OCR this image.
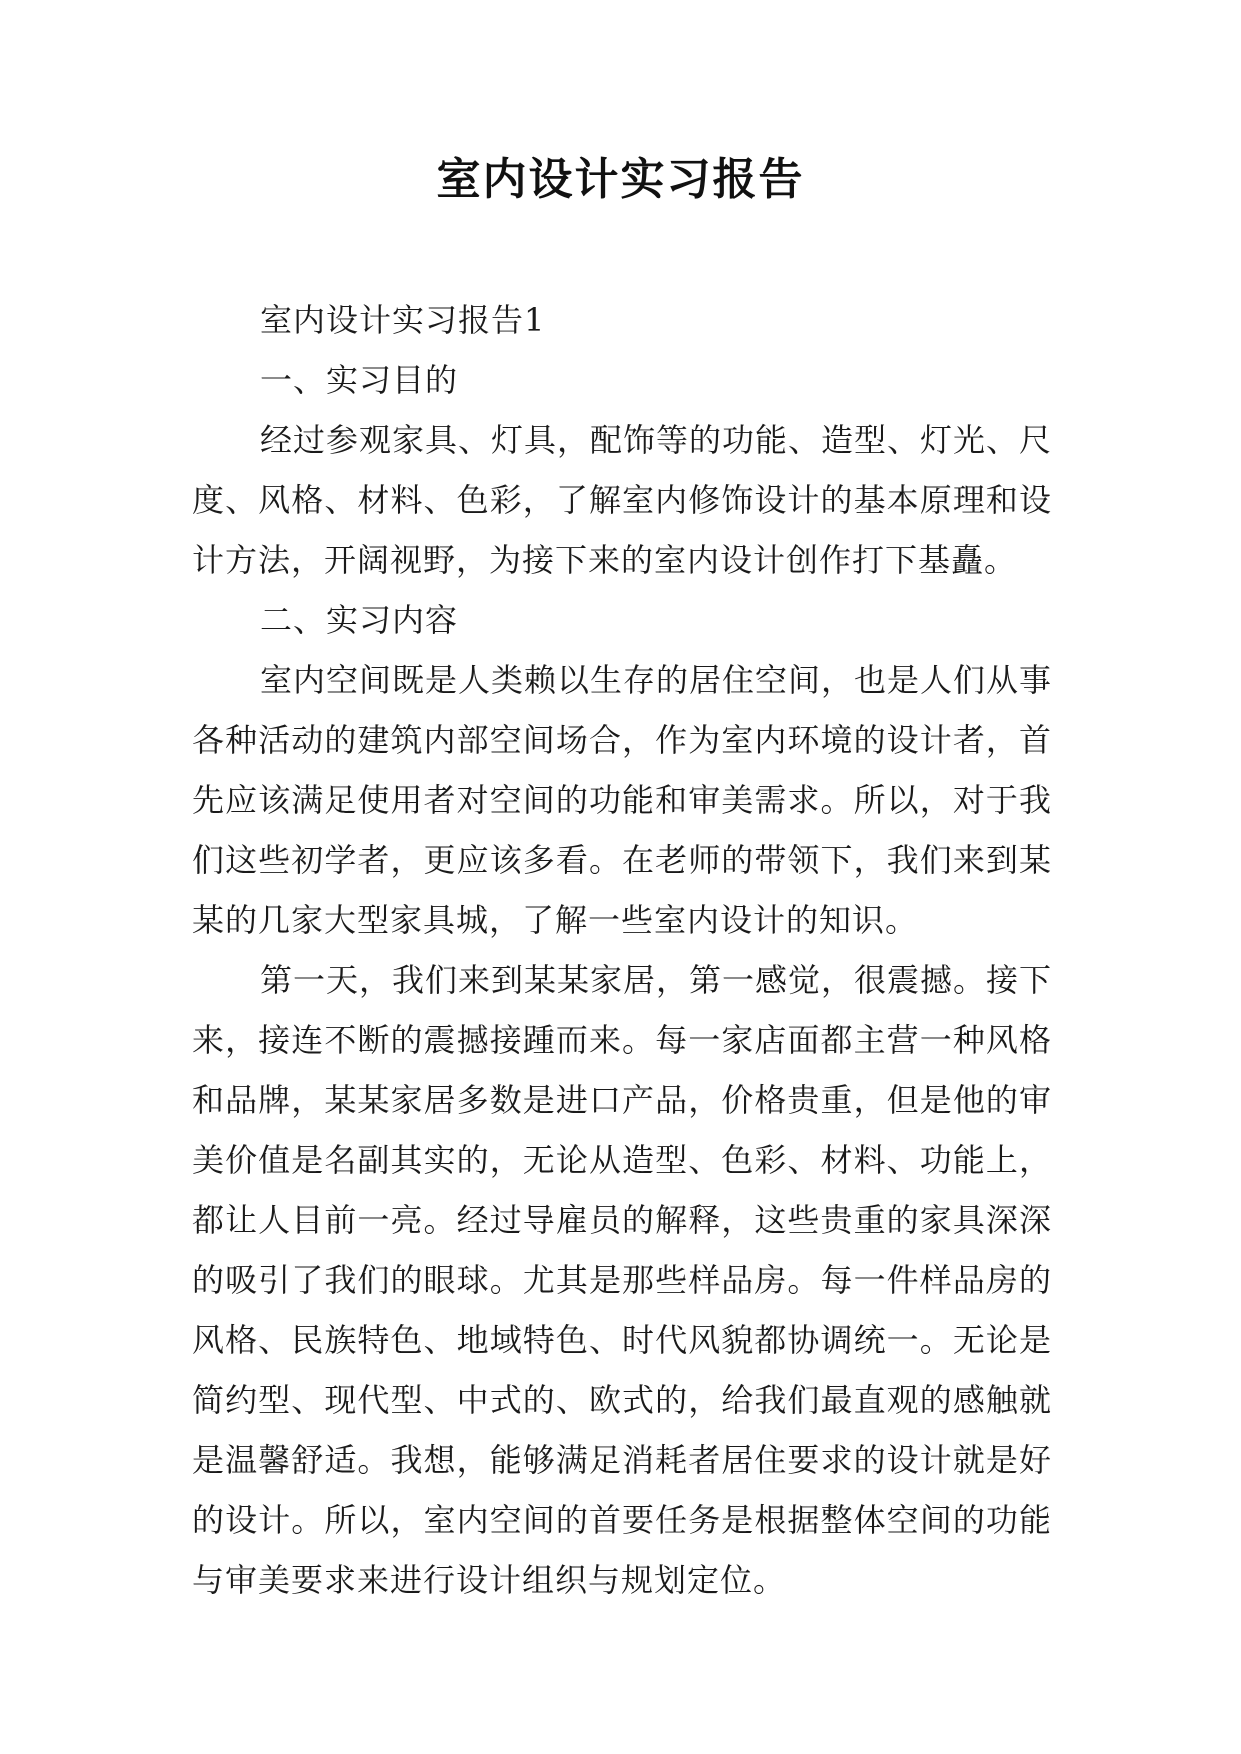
室内设计实习报告

室内设计实习报告1

一、实习目的

经过参观家具、灯具，配饰等的功能、造型、灯光、尺度、风格、材料、色彩，了解室内修饰设计的基本原理和设计方法，开阔视野，为接下来的室内设计创作打下基矗。

二、实习内容

室内空间既是人类赖以生存的居住空间，也是人们从事各种活动的建筑内部空间场合，作为室内环境的设计者，首先应该满足使用者对空间的功能和审美需求。所以，对于我们这些初学者，更应该多看。在老师的带领下，我们来到某某的几家大型家具城，了解一些室内设计的知识。

第一天，我们来到某某家居，第一感觉，很震撼。接下来，接连不断的震撼接踵而来。每一家店面都主营一种风格和品牌，某某家居多数是进口产品，价格贵重，但是他的审美价值是名副其实的，无论从造型、色彩、材料、功能上，都让人目前一亮。经过导雇员的解释，这些贵重的家具深深的吸引了我们的眼球。尤其是那些样品房。每一件样品房的风格、民族特色、地域特色、时代风貌都协调统一。无论是简约型、现代型、中式的、欧式的，给我们最直观的感触就是温馨舒适。我想，能够满足消耗者居住要求的设计就是好的设计。所以，室内空间的首要任务是根据整体空间的功能与审美要求来进行设计组织与规划定位。
